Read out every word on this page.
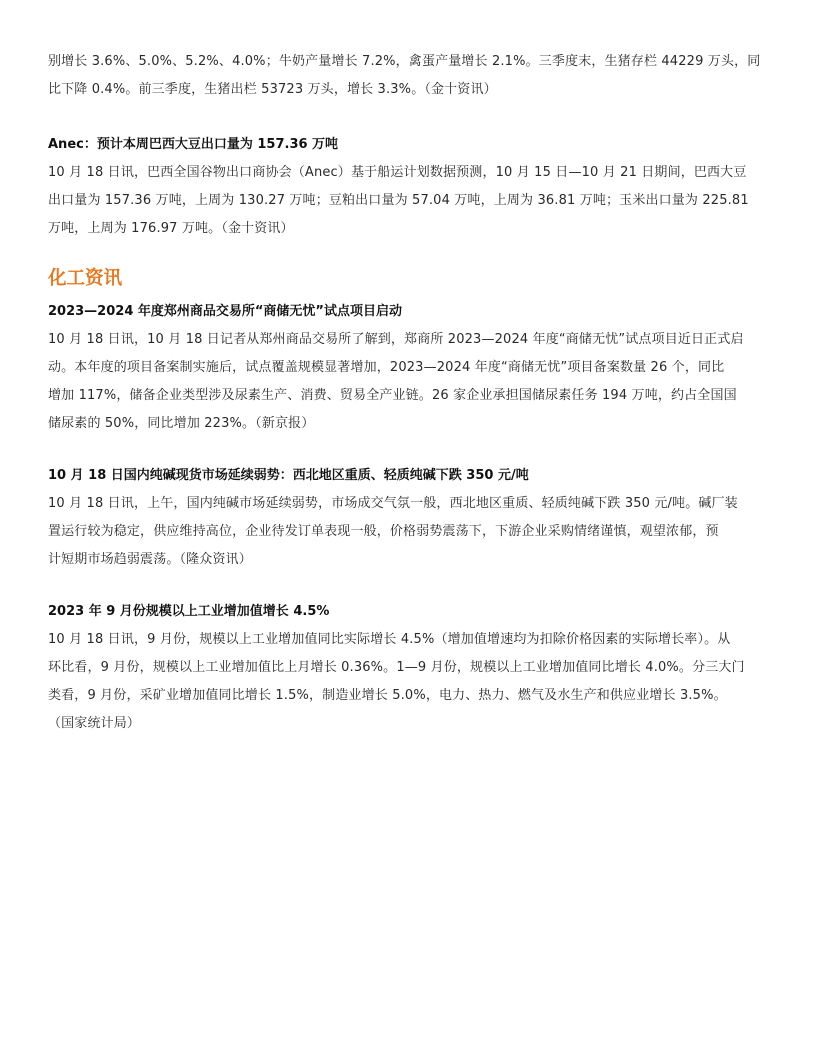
别增长 3.6%、5.0%、5.2%、4.0%；牛奶产量增长 7.2%，禽蛋产量增长 2.1%。三季度末，生猪存栏 44229 万头，同
比下降 0.4%。前三季度，生猪出栏 53723 万头，增长 3.3%。（金十资讯）
Anec：预计本周巴西大豆出口量为 157.36 万吨
10 月 18 日讯，巴西全国谷物出口商协会（Anec）基于船运计划数据预测，10 月 15 日—10 月 21 日期间，巴西大豆
出口量为 157.36 万吨，上周为 130.27 万吨；豆粕出口量为 57.04 万吨，上周为 36.81 万吨；玉米出口量为 225.81
万吨，上周为 176.97 万吨。（金十资讯）
化工资讯
2023—2024 年度郑州商品交易所“商储无忧”试点项目启动
10 月 18 日讯，10 月 18 日记者从郑州商品交易所了解到，郑商所 2023—2024 年度“商储无忧”试点项目近日正式启
动。本年度的项目备案制实施后，试点覆盖规模显著增加，2023—2024 年度“商储无忧”项目备案数量 26 个，同比
增加 117%，储备企业类型涉及尿素生产、消费、贸易全产业链。26 家企业承担国储尿素任务 194 万吨，约占全国国
储尿素的 50%，同比增加 223%。（新京报）
10 月 18 日国内纯碱现货市场延续弱势：西北地区重质、轻质纯碱下跌 350 元/吨
10 月 18 日讯，上午，国内纯碱市场延续弱势，市场成交气氛一般，西北地区重质、轻质纯碱下跌 350 元/吨。碱厂装
置运行较为稳定，供应维持高位，企业待发订单表现一般，价格弱势震荡下，下游企业采购情绪谨慎，观望浓郁，预
计短期市场趋弱震荡。（隆众资讯）
2023 年 9 月份规模以上工业增加值增长 4.5%
10 月 18 日讯，9 月份，规模以上工业增加值同比实际增长 4.5%（增加值增速均为扣除价格因素的实际增长率）。从
环比看，9 月份，规模以上工业增加值比上月增长 0.36%。1—9 月份，规模以上工业增加值同比增长 4.0%。分三大门
类看，9 月份，采矿业增加值同比增长 1.5%，制造业增长 5.0%，电力、热力、燃气及水生产和供应业增长 3.5%。
（国家统计局）
